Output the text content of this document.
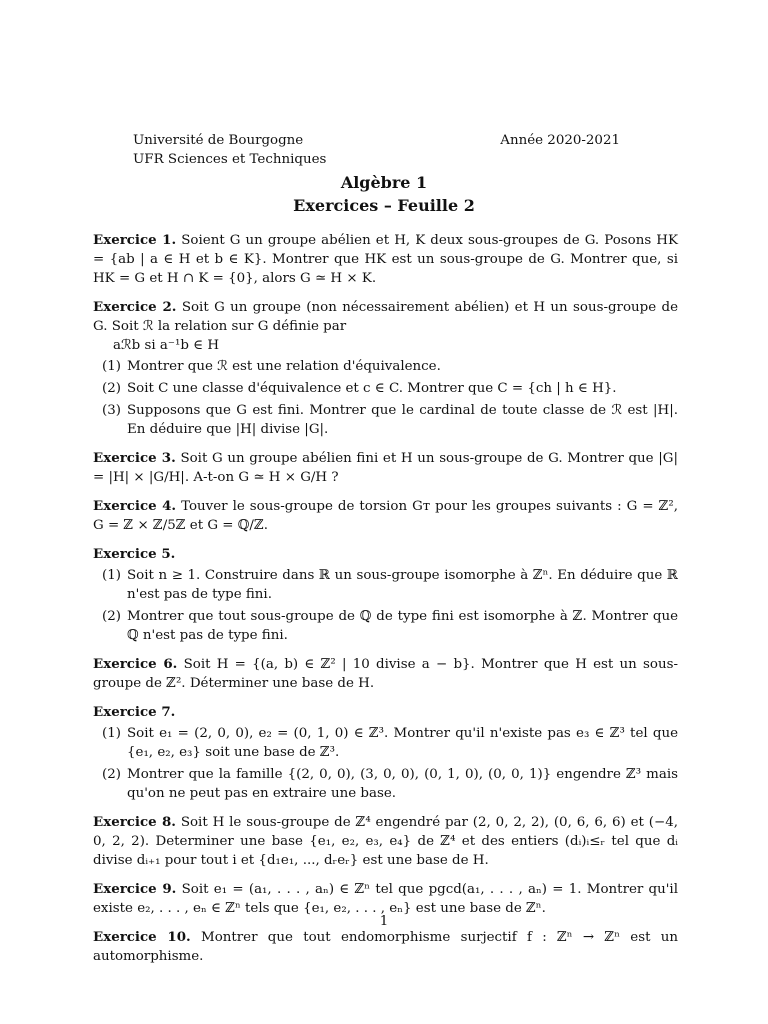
Université de Bourgogne	Année 2020-2021
UFR Sciences et Techniques
Algèbre 1
Exercices – Feuille 2

Exercice 1. Soient G un groupe abélien et H, K deux sous-groupes de G. Posons HK = {ab | a ∈ H et b ∈ K}. Montrer que HK est un sous-groupe de G. Montrer que, si HK = G et H ∩ K = {0}, alors G ≃ H × K.

Exercice 2. Soit G un groupe (non nécessairement abélien) et H un sous-groupe de G. Soit ℛ la relation sur G définie par

aℛb si a⁻¹b ∈ H

(1) Montrer que ℛ est une relation d'équivalence.
(2) Soit C une classe d'équivalence et c ∈ C. Montrer que C = {ch | h ∈ H}.
(3) Supposons que G est fini. Montrer que le cardinal de toute classe de ℛ est |H|. En déduire que |H| divise |G|.

Exercice 3. Soit G un groupe abélien fini et H un sous-groupe de G. Montrer que |G| = |H| × |G/H|. A-t-on G ≃ H × G/H ?

Exercice 4. Touver le sous-groupe de torsion Gᴛ pour les groupes suivants : G = ℤ², G = ℤ × ℤ/5ℤ et G = ℚ/ℤ.

Exercice 5.

(1) Soit n ≥ 1. Construire dans ℝ un sous-groupe isomorphe à ℤⁿ. En déduire que ℝ n'est pas de type fini.
(2) Montrer que tout sous-groupe de ℚ de type fini est isomorphe à ℤ. Montrer que ℚ n'est pas de type fini.

Exercice 6. Soit H = {(a, b) ∈ ℤ² | 10 divise a − b}. Montrer que H est un sous-groupe de ℤ². Déterminer une base de H.

Exercice 7.

(1) Soit e₁ = (2, 0, 0), e₂ = (0, 1, 0) ∈ ℤ³. Montrer qu'il n'existe pas e₃ ∈ ℤ³ tel que {e₁, e₂, e₃} soit une base de ℤ³.
(2) Montrer que la famille {(2, 0, 0), (3, 0, 0), (0, 1, 0), (0, 0, 1)} engendre ℤ³ mais qu'on ne peut pas en extraire une base.

Exercice 8. Soit H le sous-groupe de ℤ⁴ engendré par (2, 0, 2, 2), (0, 6, 6, 6) et (−4, 0, 2, 2). Determiner une base {e₁, e₂, e₃, e₄} de ℤ⁴ et des entiers (dᵢ)ᵢ≤ᵣ tel que dᵢ divise dᵢ₊₁ pour tout i et {d₁e₁, ..., dᵣeᵣ} est une base de H.

Exercice 9. Soit e₁ = (a₁, . . . , aₙ) ∈ ℤⁿ tel que pgcd(a₁, . . . , aₙ) = 1. Montrer qu'il existe e₂, . . . , eₙ ∈ ℤⁿ tels que {e₁, e₂, . . . , eₙ} est une base de ℤⁿ.

Exercice 10. Montrer que tout endomorphisme surjectif f : ℤⁿ → ℤⁿ est un automorphisme.

1
